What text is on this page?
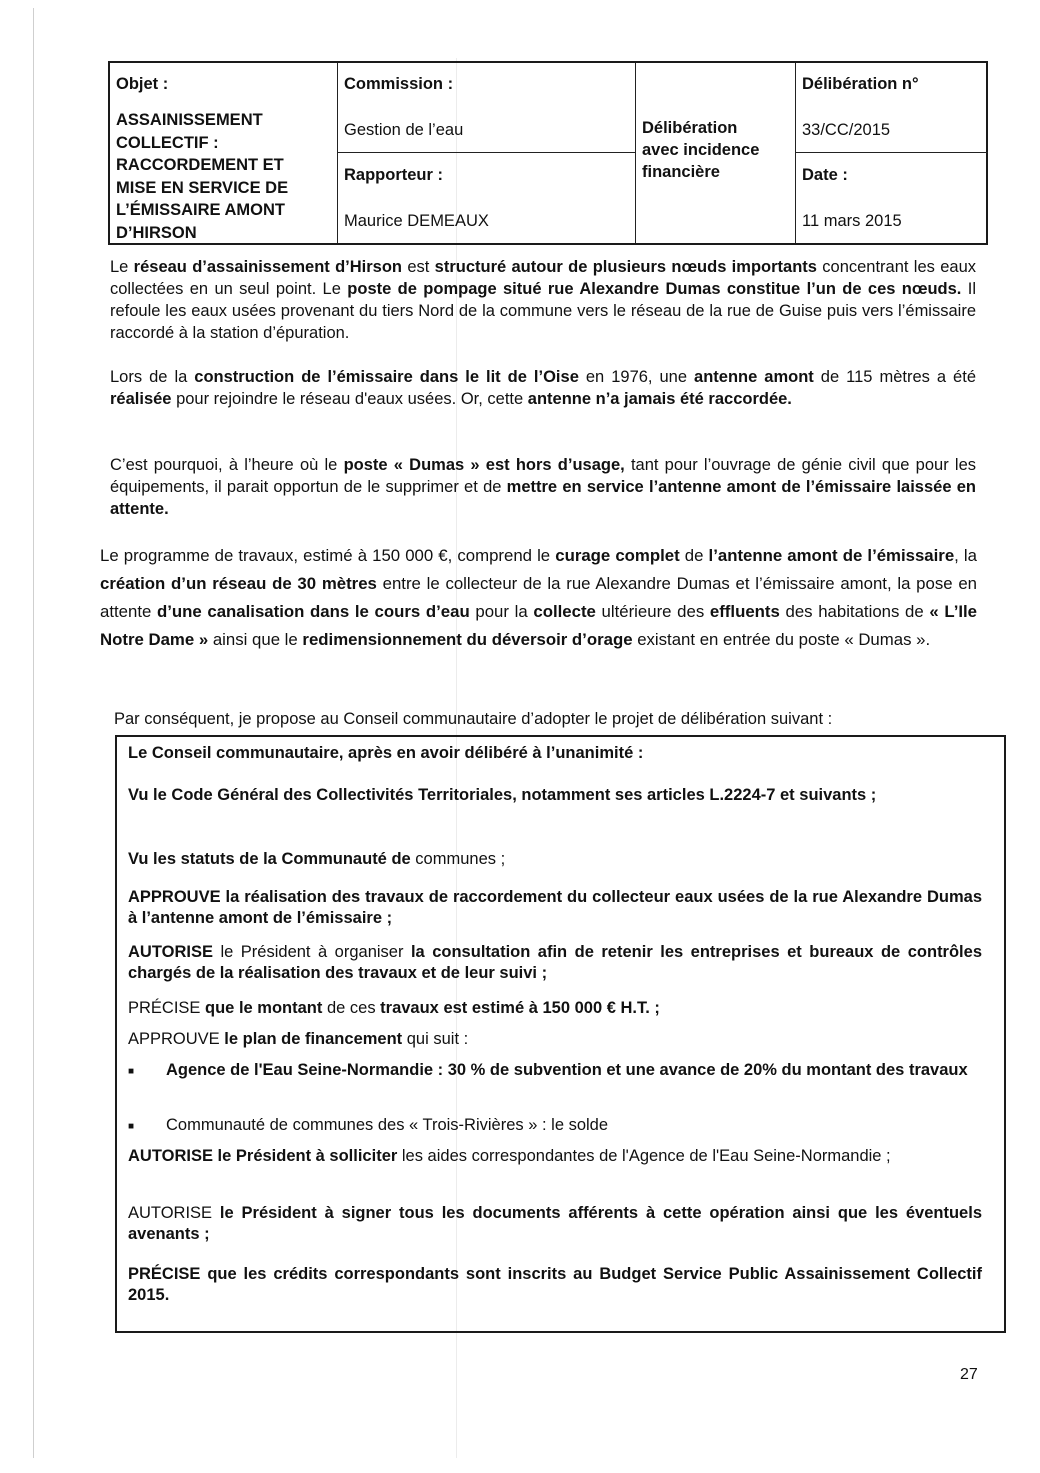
Objet :
ASSAINISSEMENT
COLLECTIF :
RACCORDEMENT ET
MISE EN SERVICE DE
L’ÉMISSAIRE AMONT
D’HIRSON
Commission :
Gestion de l’eau
Rapporteur :
Maurice DEMEAUX
Délibération
avec incidence
financière
Délibération n°
33/CC/2015
Date :
11 mars 2015
Le réseau d’assainissement d’Hirson est structuré autour de plusieurs nœuds importants concentrant les eaux collectées en un seul point. Le poste de pompage situé rue Alexandre Dumas constitue l’un de ces nœuds. Il refoule les eaux usées provenant du tiers Nord de la commune vers le réseau de la rue de Guise puis vers l’émissaire raccordé à la station d’épuration.
Lors de la construction de l’émissaire dans le lit de l’Oise en 1976, une antenne amont de 115 mètres a été réalisée pour rejoindre le réseau d'eaux usées. Or, cette antenne n’a jamais été raccordée.
C’est pourquoi, à l’heure où le poste « Dumas » est hors d’usage, tant pour l’ouvrage de génie civil que pour les équipements, il parait opportun de le supprimer et de mettre en service l’antenne amont de l’émissaire laissée en attente.
Le programme de travaux, estimé à 150 000 €, comprend le curage complet de l’antenne amont de l’émissaire, la création d’un réseau de 30 mètres entre le collecteur de la rue Alexandre Dumas et l’émissaire amont, la pose en attente d’une canalisation dans le cours d’eau pour la collecte ultérieure des effluents des habitations de « L’Ile Notre Dame » ainsi que le redimensionnement du déversoir d’orage existant en entrée du poste « Dumas ».
Par conséquent, je propose au Conseil communautaire d’adopter le projet de délibération suivant :
Le Conseil communautaire, après en avoir délibéré à l’unanimité :
Vu le Code Général des Collectivités Territoriales, notamment ses articles L.2224-7 et suivants ;
Vu les statuts de la Communauté de communes ;
APPROUVE la réalisation des travaux de raccordement du collecteur eaux usées de la rue Alexandre Dumas à l’antenne amont de l’émissaire ;
AUTORISE le Président à organiser la consultation afin de retenir les entreprises et bureaux de contrôles chargés de la réalisation des travaux et de leur suivi ;
PRÉCISE que le montant de ces travaux est estimé à 150 000 € H.T. ;
APPROUVE le plan de financement qui suit :
■	Agence de l'Eau Seine-Normandie : 30 % de subvention et une avance de 20% du montant des travaux
■ Communauté de communes des « Trois-Rivières » : le solde
AUTORISE le Président à solliciter les aides correspondantes de l'Agence de l'Eau Seine-Normandie ;
AUTORISE le Président à signer tous les documents afférents à cette opération ainsi que les éventuels avenants ;
PRÉCISE que les crédits correspondants sont inscrits au Budget Service Public Assainissement Collectif 2015.
27
